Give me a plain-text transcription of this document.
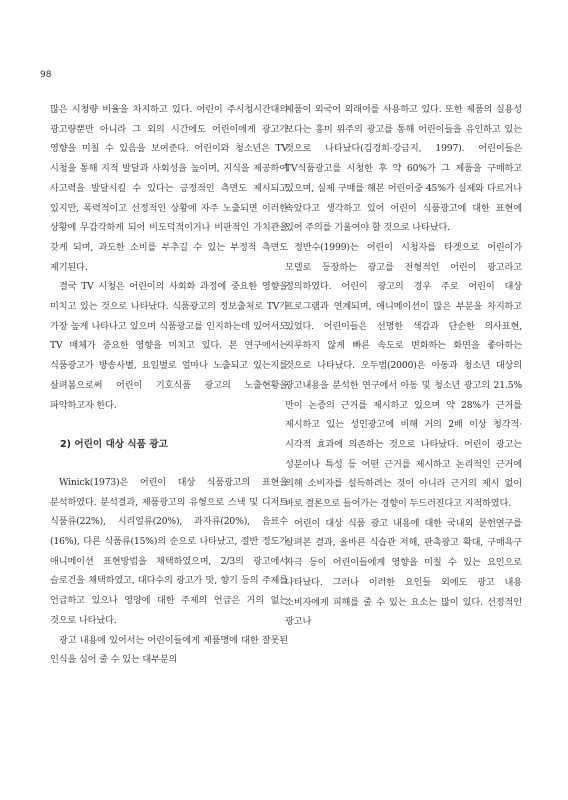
98

많은 시청량 비율을 차지하고 있다. 어린이 주시청시간대의 광고량뿐만 아니라 그 외의 시간에도 어린이에게 광고가 영향을 미칠 수 있음을 보여준다. 어린이와 청소년은 TV 시청을 통해 지적 발달과 사회성을 높이며, 지식을 제공하여 사고력을 발달시킬 수 있다는 긍정적인 측면도 제시되고 있지만, 폭력적이고 선정적인 상황에 자주 노출되면 이러한 상황에 무감각하게 되어 비도덕적이거나 비판적인 가치관을 갖게 되며, 과도한 소비를 부추길 수 있는 부정적 측면도 제기된다.

결국 TV 시청은 어린이의 사회화 과정에 중요한 영향을 미치고 있는 것으로 나타났다. 식품광고의 정보출처로 TV가 가장 높게 나타나고 있으며 식품광고를 인지하는데 있어서도 TV 매체가 중요한 영향을 미치고 있다. 본 연구에서는 식품광고가 방송사별, 요일별로 얼마나 노출되고 있는지를 살펴봄으로써 어린이 기호식품 광고의 노출현황을 파악하고자 한다.

2) 어린이 대상 식품 광고

Winick(1973)은 어린이 대상 식품광고의 표현을 분석하였다. 분석결과, 제품광고의 유형으로 스낵 및 디저트 식품류(22%), 시리얼류(20%), 과자류(20%), 음료수(16%), 다른 식품류(15%)의 순으로 나타났고, 절반 정도가 애니메이션 표현방법을 채택하였으며, 2/3의 광고에서 슬로건을 채택하였고, 대다수의 광고가 맛, 향기 등의 주제를 언급하고 있으나 영양에 대한 주제의 언급은 거의 없는 것으로 나타났다.

광고 내용에 있어서는 어린이들에게 제품명에 대한 잘못된 인식을 심어 줄 수 있는 대부분의

제품이 외국어 외래어를 사용하고 있다. 또한 제품의 실용성 보다는 흥미 위주의 광고를 통해 어린이들을 유인하고 있는 것으로 나타났다(김경희·강금지, 1997). 어린이들은 TV식품광고를 시청한 후 약 60%가 그 제품을 구매하고 있으며, 실제 구매를 해본 어린이중 45%가 실제와 다르거나 속았다고 생각하고 있어 어린이 식품광고에 대한 표현에 있어 주의를 기울여야 할 것으로 나타났다.

정반수(1999)는 어린이 시청자를 타겟으로 어린이가 모델로 등장하는 광고를 전형적인 어린이 광고라고 정의하였다. 어린이 광고의 경우 주로 어린이 대상 프로그램과 연계되며, 애니메이션이 많은 부분을 차지하고 있었다. 어린이들은 선명한 색감과 단순한 의사표현, 지루하지 않게 빠른 속도로 변화하는 화면을 좋아하는 것으로 나타났다. 오두범(2000)은 아동과 청소년 대상의 광고내용을 분석한 연구에서 아동 및 청소년 광고의 21.5%만이 논증의 근거를 제시하고 있으며 약 28%가 근거를 제시하고 있는 성인광고에 비해 거의 2배 이상 청각적·시각적 효과에 의존하는 것으로 나타났다. 어린이 광고는 성분이나 특성 등 어떤 근거를 제시하고 논리적인 근거에 의해 소비자를 설득하려는 것이 아니라 근거의 제시 없이 바로 결론으로 들어가는 경향이 두드러진다고 지적하였다.

어린이 대상 식품 광고 내용에 대한 국내외 문헌연구를 살펴본 결과, 올바른 식습관 저해, 판촉광고 확대, 구매욕구 자극 등이 어린이들에게 영향을 미칠 수 있는 요인으로 나타났다. 그러나 이러한 요인들 외에도 광고 내용 소비자에게 피해를 줄 수 있는 요소는 많이 있다. 선정적인 광고나
